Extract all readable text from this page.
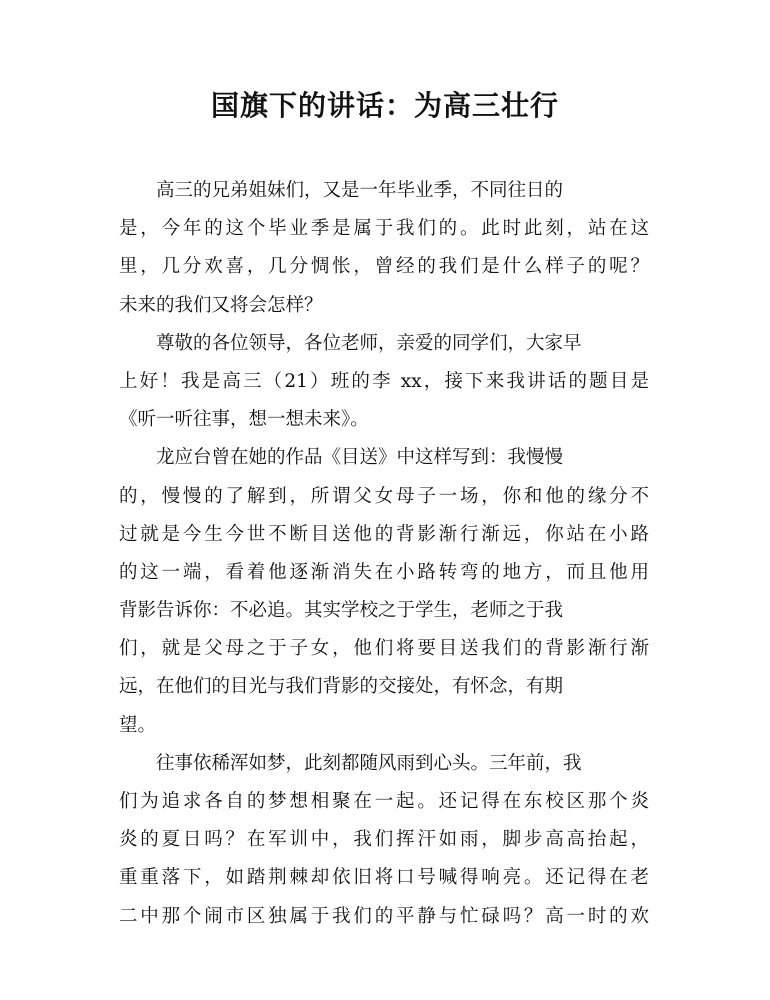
国旗下的讲话：为高三壮行
高三的兄弟姐妹们，又是一年毕业季，不同往日的
是，今年的这个毕业季是属于我们的。此时此刻，站在这
里，几分欢喜，几分惆怅，曾经的我们是什么样子的呢？
未来的我们又将会怎样？
尊敬的各位领导，各位老师，亲爱的同学们，大家早
上好！我是高三（21）班的李 xx，接下来我讲话的题目是
《听一听往事，想一想未来》。
龙应台曾在她的作品《目送》中这样写到：我慢慢
的，慢慢的了解到，所谓父女母子一场，你和他的缘分不
过就是今生今世不断目送他的背影渐行渐远，你站在小路
的这一端，看着他逐渐消失在小路转弯的地方，而且他用
背影告诉你：不必追。其实学校之于学生，老师之于我
们，就是父母之于子女，他们将要目送我们的背影渐行渐
远，在他们的目光与我们背影的交接处，有怀念，有期
望。
往事依稀浑如梦，此刻都随风雨到心头。三年前，我
们为追求各自的梦想相聚在一起。还记得在东校区那个炎
炎的夏日吗？在军训中，我们挥汗如雨，脚步高高抬起，
重重落下，如踏荆棘却依旧将口号喊得响亮。还记得在老
二中那个闹市区独属于我们的平静与忙碌吗？高一时的欢
